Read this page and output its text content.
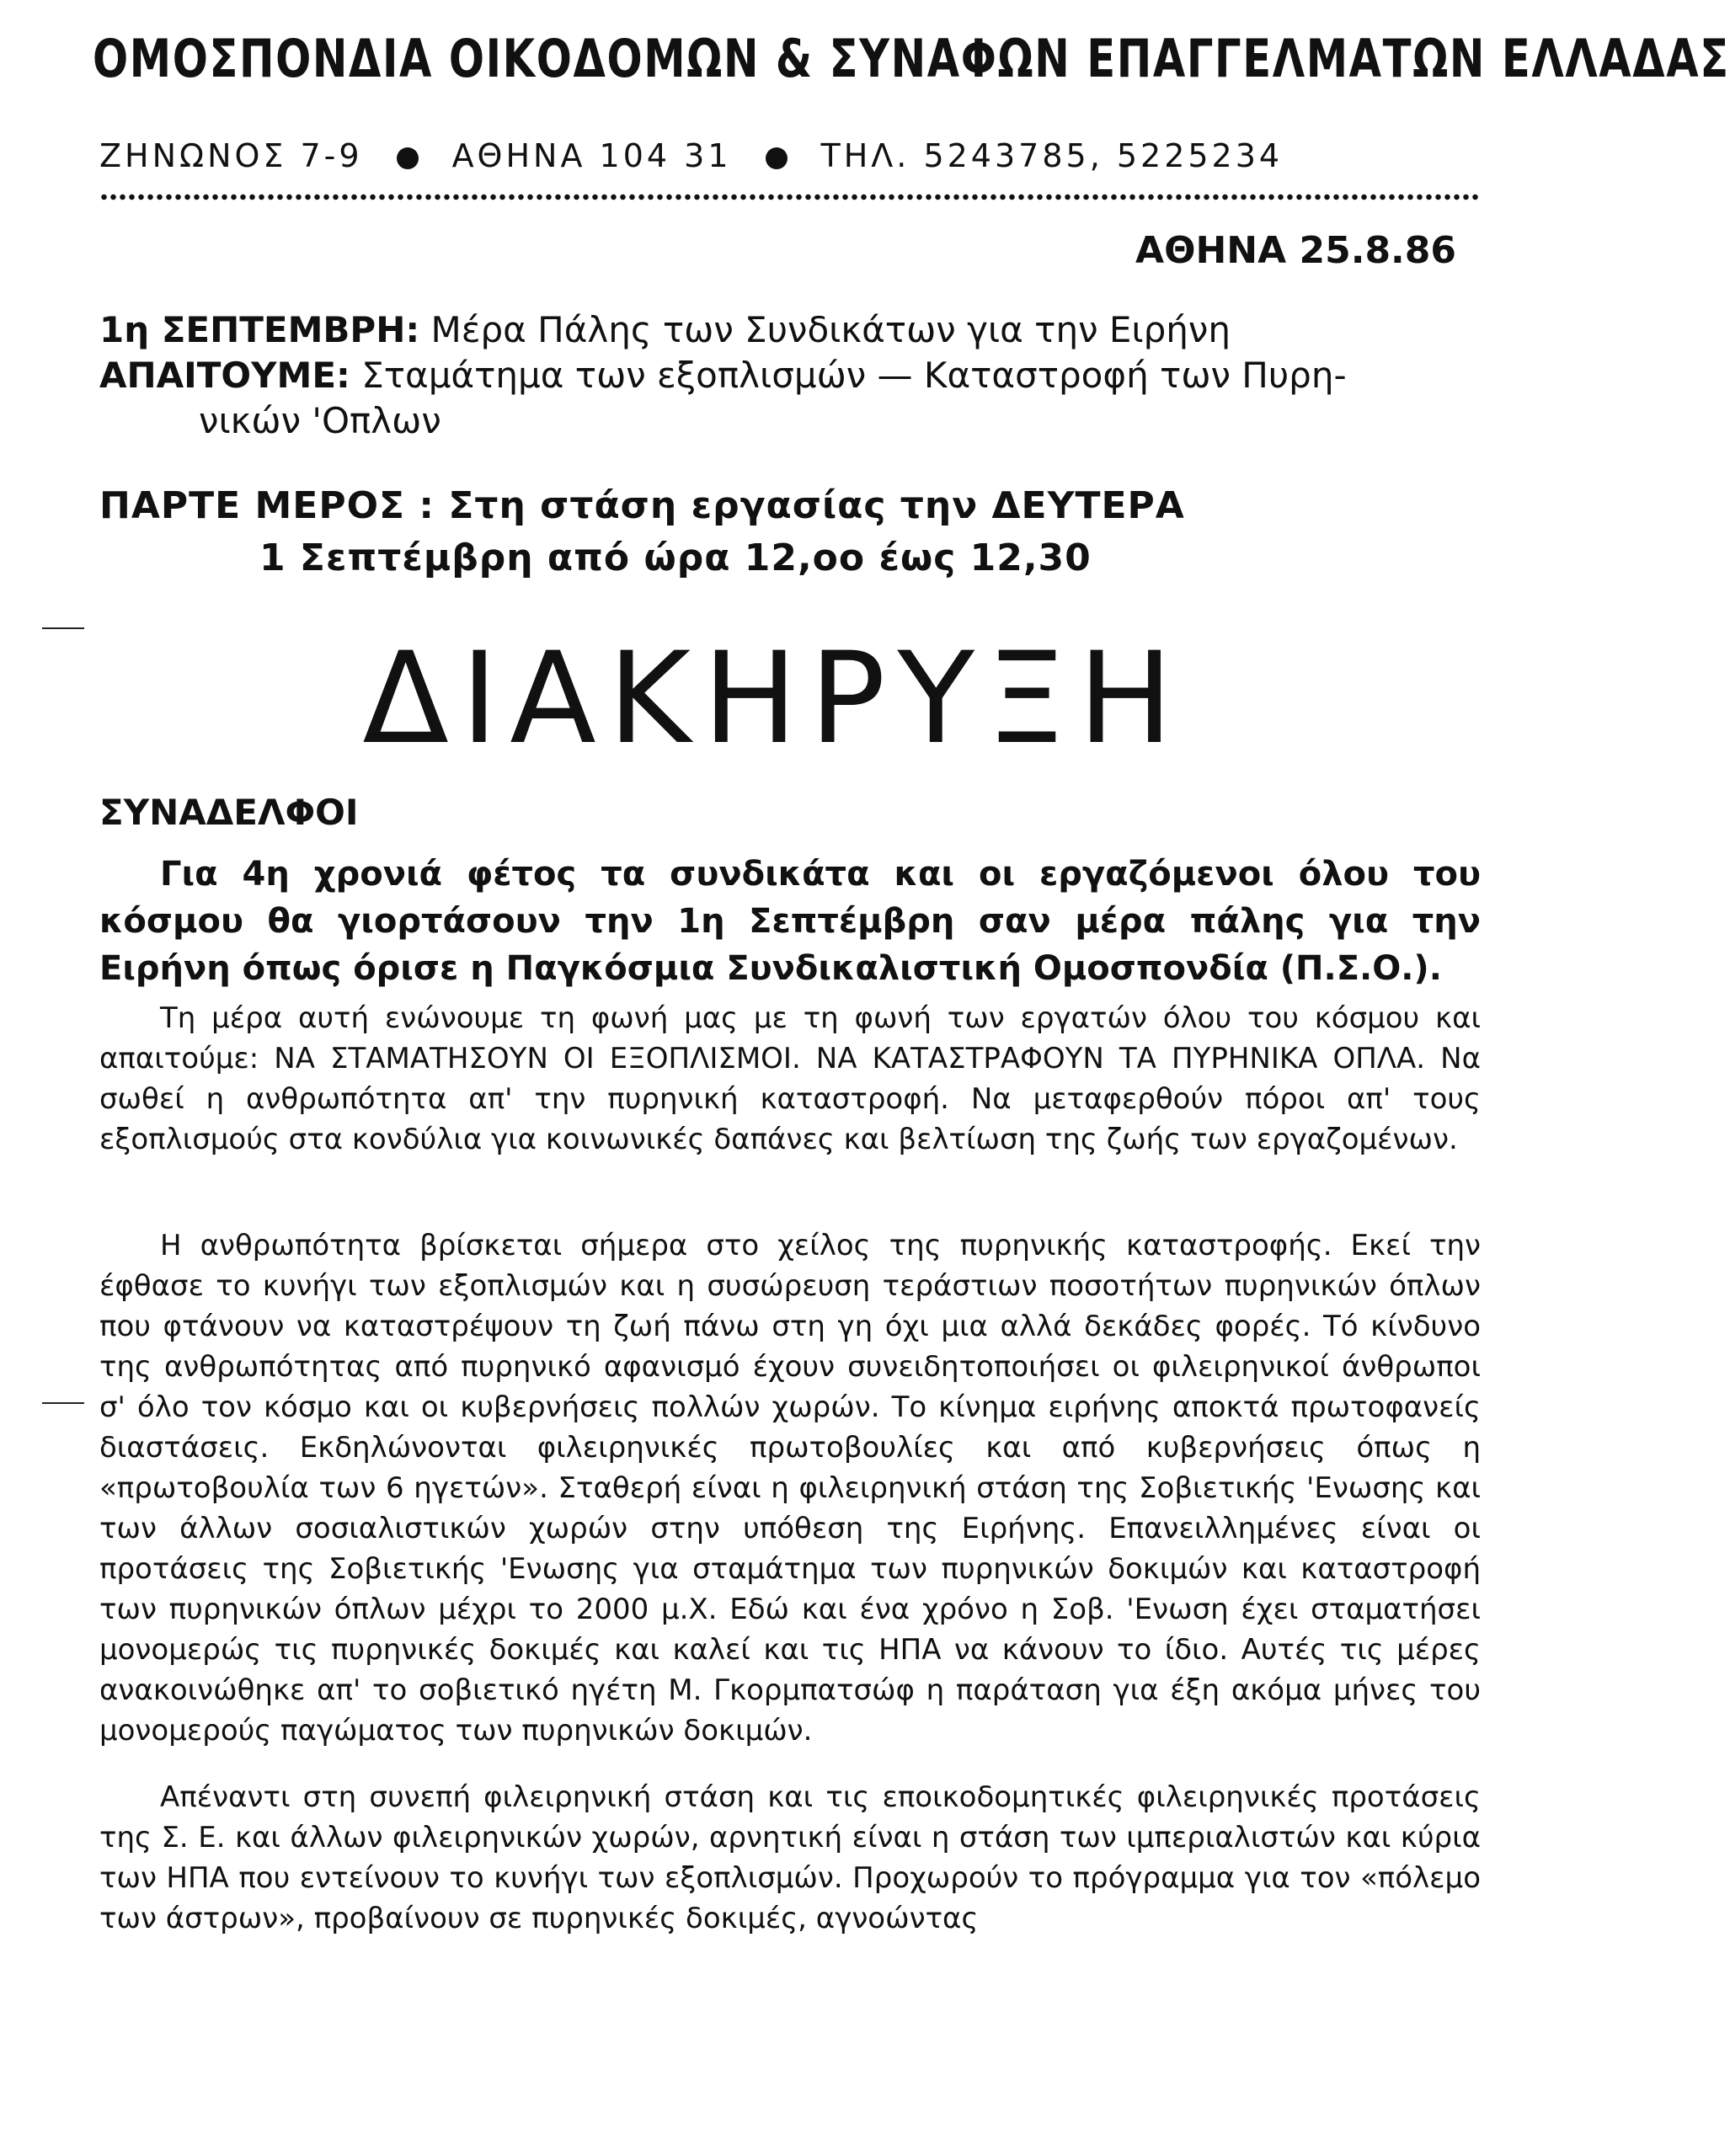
ΟΜΟΣΠΟΝΔΙΑ ΟΙΚΟΔΟΜΩΝ & ΣΥΝΑΦΩΝ ΕΠΑΓΓΕΛΜΑΤΩΝ ΕΛΛΑΔΑΣ
ΖΗΝΩΝΟΣ 7-9	ΑΘΗΝΑ 104 31	ΤΗΛ. 5243785, 5225234
ΑΘΗΝΑ 25.8.86
1η ΣΕΠΤΕΜΒΡΗ: Μέρα Πάλης των Συνδικάτων για την Ειρήνη
ΑΠΑΙΤΟΥΜΕ: Σταμάτημα των εξοπλισμών — Καταστροφή των Πυρη-
νικών 'Οπλων
ΠΑΡΤΕ ΜΕΡΟΣ : Στη στάση εργασίας την ΔΕΥΤΕΡΑ
1 Σεπτέμβρη από ώρα 12,οο έως 12,30
ΔΙΑΚΗΡΥΞΗ
ΣΥΝΑΔΕΛΦΟΙ
Για 4η χρονιά φέτος τα συνδικάτα και οι εργαζόμενοι όλου του κόσμου θα γιορτάσουν την 1η Σεπτέμβρη σαν μέρα πάλης για την Ειρήνη όπως όρισε η Παγκόσμια Συνδικαλιστική Ομοσπονδία (Π.Σ.Ο.).

Τη μέρα αυτή ενώνουμε τη φωνή μας με τη φωνή των εργατών όλου του κόσμου και απαιτούμε: ΝΑ ΣΤΑΜΑΤΗΣΟΥΝ ΟΙ ΕΞΟΠΛΙΣΜΟΙ. ΝΑ ΚΑΤΑΣΤΡΑΦΟΥΝ ΤΑ ΠΥΡΗΝΙΚΑ ΟΠΛΑ. Να σωθεί η ανθρωπότητα απ' την πυρηνική καταστροφή. Να μεταφερθούν πόροι απ' τους εξοπλισμούς στα κονδύλια για κοινωνικές δαπάνες και βελτίωση της ζωής των εργαζομένων.

Η ανθρωπότητα βρίσκεται σήμερα στο χείλος της πυρηνικής καταστροφής. Εκεί την έφθασε το κυνήγι των εξοπλισμών και η συσώρευση τεράστιων ποσοτήτων πυρηνικών όπλων που φτάνουν να καταστρέψουν τη ζωή πάνω στη γη όχι μια αλλά δεκάδες φορές. Τό κίνδυνο της ανθρωπότητας από πυρηνικό αφανισμό έχουν συνειδητοποιήσει οι φιλειρηνικοί άνθρωποι σ' όλο τον κόσμο και οι κυβερνήσεις πολλών χωρών. Το κίνημα ειρήνης αποκτά πρωτοφανείς διαστάσεις. Εκδηλώνονται φιλειρηνικές πρωτοβουλίες και από κυβερνήσεις όπως η «πρωτοβουλία των 6 ηγετών». Σταθερή είναι η φιλειρηνική στάση της Σοβιετικής 'Ενωσης και των άλλων σοσιαλιστικών χωρών στην υπόθεση της Ειρήνης. Επανειλλημένες είναι οι προτάσεις της Σοβιετικής 'Ενωσης για σταμάτημα των πυρηνικών δοκιμών και καταστροφή των πυρηνικών όπλων μέχρι το 2000 μ.Χ. Εδώ και ένα χρόνο η Σοβ. 'Ενωση έχει σταματήσει μονομερώς τις πυρηνικές δοκιμές και καλεί και τις ΗΠΑ να κάνουν το ίδιο. Αυτές τις μέρες ανακοινώθηκε απ' το σοβιετικό ηγέτη Μ. Γκορμπατσώφ η παράταση για έξη ακόμα μήνες του μονομερούς παγώματος των πυρηνικών δοκιμών.

Απέναντι στη συνεπή φιλειρηνική στάση και τις εποικοδομητικές φιλειρηνικές προτάσεις της Σ. Ε. και άλλων φιλειρηνικών χωρών, αρνητική είναι η στάση των ιμπεριαλιστών και κύρια των ΗΠΑ που εντείνουν το κυνήγι των εξοπλισμών. Προχωρούν το πρόγραμμα για τον «πόλεμο των άστρων», προβαίνουν σε πυρηνικές δοκιμές, αγνοώντας
